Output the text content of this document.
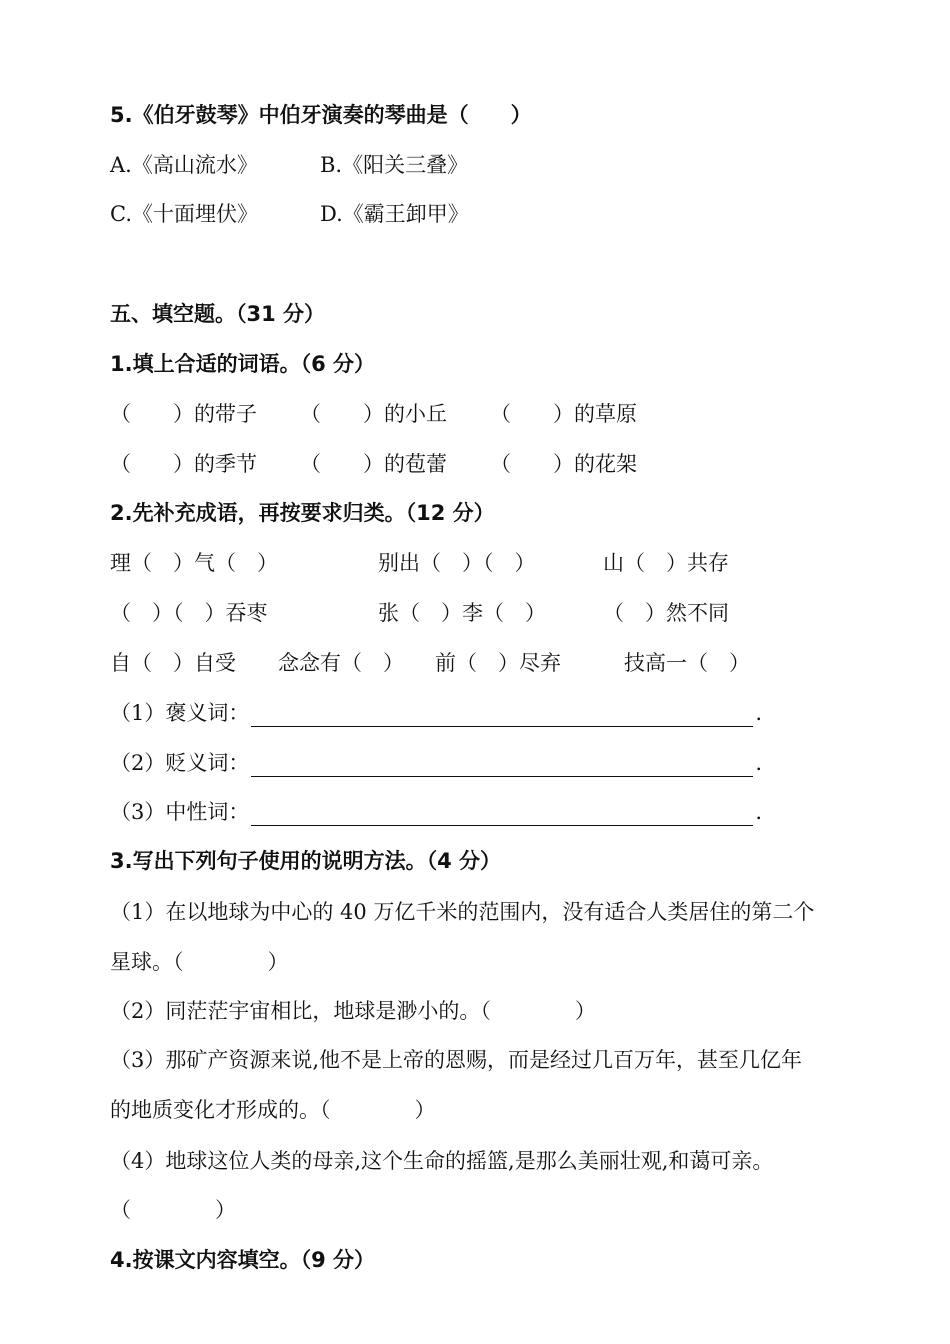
5.《伯牙鼓琴》中伯牙演奏的琴曲是（　　）
A.《高山流水》	B.《阳关三叠》
C.《十面埋伏》	D.《霸王卸甲》
五、填空题。（31 分）
1.填上合适的词语。（6 分）
（　　）的带子 （　　）的小丘 （　　）的草原
（　　）的季节 （　　）的苞蕾 （　　）的花架
2.先补充成语，再按要求归类。（12 分）
理（　）气（　）	别出（　）（　）	山（　）共存
（　）（　）吞枣	张（　）李（　）	（　）然不同
自（　）自受 念念有（　） 前（　）尽弃	技高一（　）
（1）褒义词：	.
（2）贬义词：	.
（3）中性词：	.
3.写出下列句子使用的说明方法。（4 分）
（1）在以地球为中心的 40 万亿千米的范围内，没有适合人类居住的第二个
星球。（　　　　）
（2）同茫茫宇宙相比，地球是渺小的。（　　　　）
（3）那矿产资源来说,他不是上帝的恩赐，而是经过几百万年，甚至几亿年
的地质变化才形成的。（　　　　）
（4）地球这位人类的母亲,这个生命的摇篮,是那么美丽壮观,和蔼可亲。
（　　　　）
4.按课文内容填空。（9 分）
